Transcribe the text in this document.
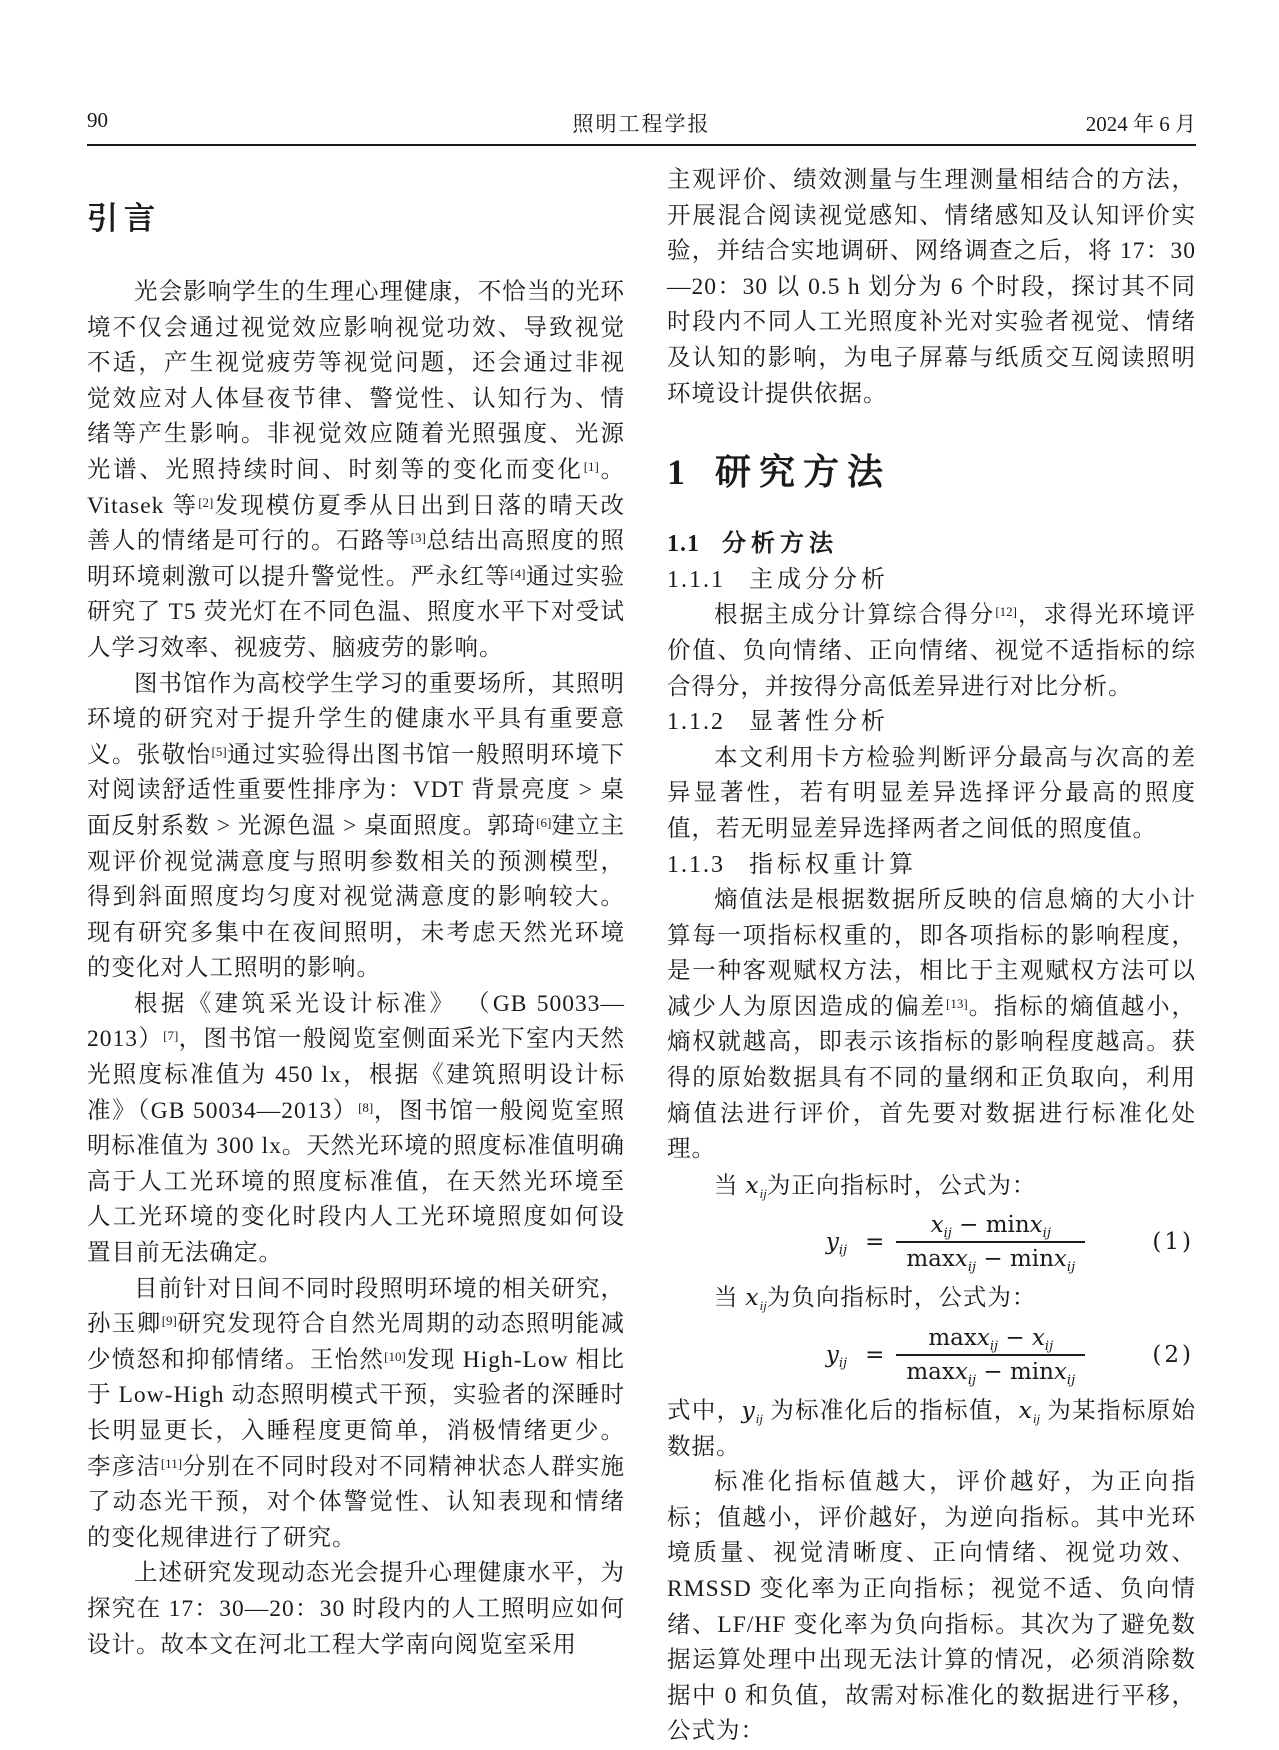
90	照明工程学报	2024 年 6 月
引言

光会影响学生的生理心理健康，不恰当的光环境不仅会通过视觉效应影响视觉功效、导致视觉不适，产生视觉疲劳等视觉问题，还会通过非视觉效应对人体昼夜节律、警觉性、认知行为、情绪等产生影响。非视觉效应随着光照强度、光源光谱、光照持续时间、时刻等的变化而变化[1]。Vitasek 等[2]发现模仿夏季从日出到日落的晴天改善人的情绪是可行的。石路等[3]总结出高照度的照明环境刺激可以提升警觉性。严永红等[4]通过实验研究了 T5 荧光灯在不同色温、照度水平下对受试人学习效率、视疲劳、脑疲劳的影响。

图书馆作为高校学生学习的重要场所，其照明环境的研究对于提升学生的健康水平具有重要意义。张敬怡[5]通过实验得出图书馆一般照明环境下对阅读舒适性重要性排序为：VDT 背景亮度 > 桌面反射系数 > 光源色温 > 桌面照度。郭琦[6]建立主观评价视觉满意度与照明参数相关的预测模型，得到斜面照度均匀度对视觉满意度的影响较大。现有研究多集中在夜间照明，未考虑天然光环境的变化对人工照明的影响。

根据《建筑采光设计标准》 （GB 50033—2013）[7]，图书馆一般阅览室侧面采光下室内天然光照度标准值为 450 lx，根据《建筑照明设计标准》（GB 50034—2013）[8]，图书馆一般阅览室照明标准值为 300 lx。天然光环境的照度标准值明确高于人工光环境的照度标准值，在天然光环境至人工光环境的变化时段内人工光环境照度如何设置目前无法确定。

目前针对日间不同时段照明环境的相关研究，孙玉卿[9]研究发现符合自然光周期的动态照明能减少愤怒和抑郁情绪。王怡然[10]发现 High-Low 相比于 Low-High 动态照明模式干预，实验者的深睡时长明显更长，入睡程度更简单，消极情绪更少。李彦洁[11]分别在不同时段对不同精神状态人群实施了动态光干预，对个体警觉性、认知表现和情绪的变化规律进行了研究。

上述研究发现动态光会提升心理健康水平，为探究在 17：30—20：30 时段内的人工照明应如何设计。故本文在河北工程大学南向阅览室采用

主观评价、绩效测量与生理测量相结合的方法，开展混合阅读视觉感知、情绪感知及认知评价实验，并结合实地调研、网络调查之后，将 17：30—20：30 以 0.5 h 划分为 6 个时段，探讨其不同时段内不同人工光照度补光对实验者视觉、情绪及认知的影响，为电子屏幕与纸质交互阅读照明环境设计提供依据。

1 研究方法
1.1 分析方法
1.1.1 主成分分析

根据主成分计算综合得分[12]，求得光环境评价值、负向情绪、正向情绪、视觉不适指标的综合得分，并按得分高低差异进行对比分析。

1.1.2 显著性分析

本文利用卡方检验判断评分最高与次高的差异显著性，若有明显差异选择评分最高的照度值，若无明显差异选择两者之间低的照度值。

1.1.3 指标权重计算

熵值法是根据数据所反映的信息熵的大小计算每一项指标权重的，即各项指标的影响程度，是一种客观赋权方法，相比于主观赋权方法可以减少人为原因造成的偏差[13]。指标的熵值越小，熵权就越高，即表示该指标的影响程度越高。获得的原始数据具有不同的量纲和正负取向，利用熵值法进行评价，首先要对数据进行标准化处理。

当 $x_{ij}$为正向指标时，公式为：

$y_{ij} = \frac{x_{ij} - \min x_{ij}}{\max x_{ij} - \min x_{ij}}$	(1)

当 $x_{ij}$为负向指标时，公式为：

$y_{ij} = \frac{\max x_{ij} - x_{ij}}{\max x_{ij} - \min x_{ij}}$	(2)

式中，$y_{ij}$ 为标准化后的指标值，$x_{ij}$ 为某指标原始数据。

标准化指标值越大，评价越好，为正向指标；值越小，评价越好，为逆向指标。其中光环境质量、视觉清晰度、正向情绪、视觉功效、RMSSD 变化率为正向指标；视觉不适、负向情绪、LF/HF 变化率为负向指标。其次为了避免数据运算处理中出现无法计算的情况，必须消除数据中 0 和负值，故需对标准化的数据进行平移，公式为：
